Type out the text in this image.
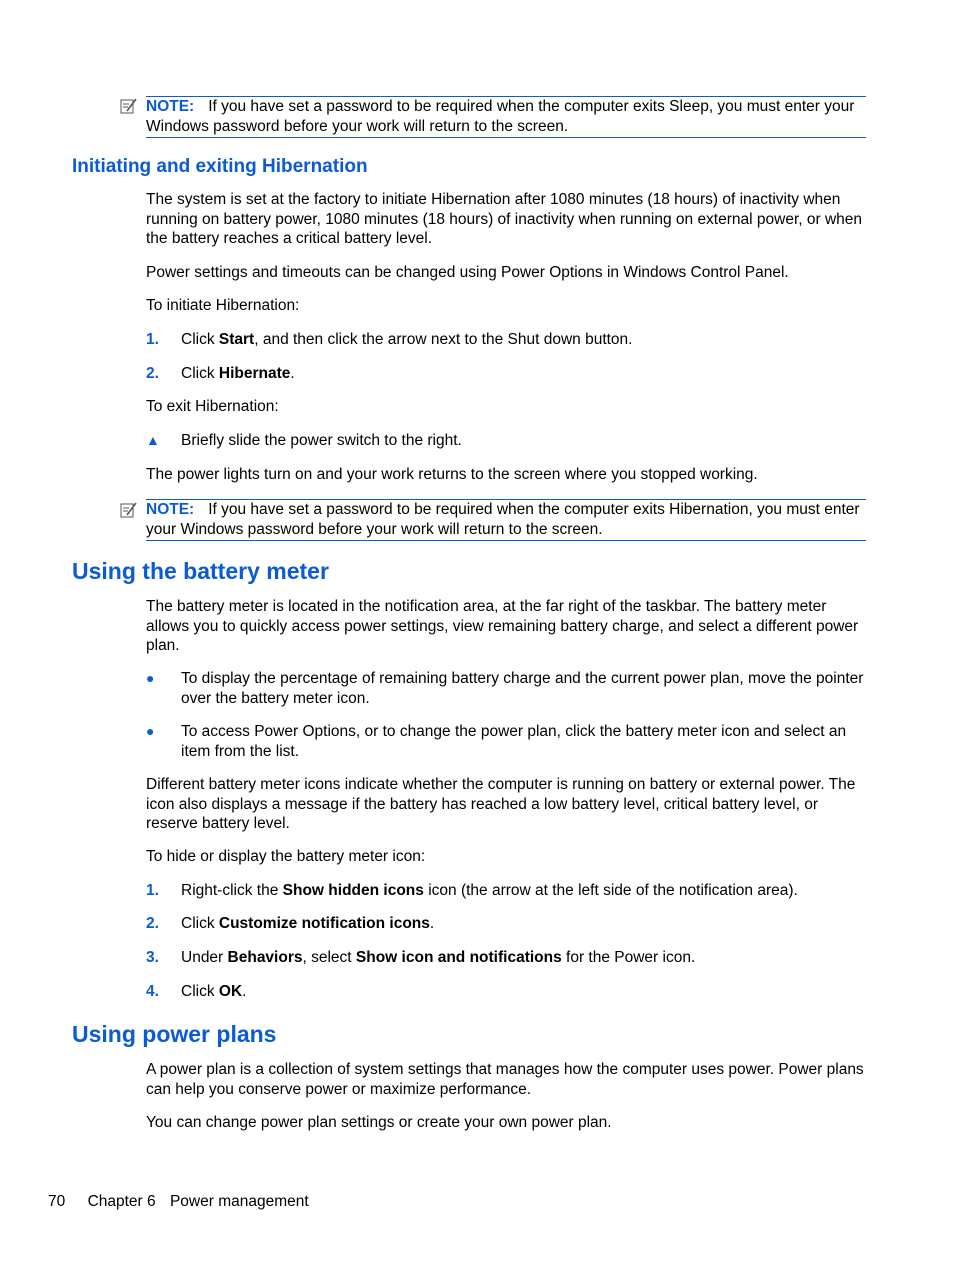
NOTE: If you have set a password to be required when the computer exits Sleep, you must enter your Windows password before your work will return to the screen.
Initiating and exiting Hibernation

The system is set at the factory to initiate Hibernation after 1080 minutes (18 hours) of inactivity when running on battery power, 1080 minutes (18 hours) of inactivity when running on external power, or when the battery reaches a critical battery level.

Power settings and timeouts can be changed using Power Options in Windows Control Panel.

To initiate Hibernation:

1. Click Start, and then click the arrow next to the Shut down button.

2. Click Hibernate.

To exit Hibernation:

▲ Briefly slide the power switch to the right.

The power lights turn on and your work returns to the screen where you stopped working.

NOTE: If you have set a password to be required when the computer exits Hibernation, you must enter your Windows password before your work will return to the screen.
Using the battery meter

The battery meter is located in the notification area, at the far right of the taskbar. The battery meter allows you to quickly access power settings, view remaining battery charge, and select a different power plan.

● To display the percentage of remaining battery charge and the current power plan, move the pointer over the battery meter icon.

● To access Power Options, or to change the power plan, click the battery meter icon and select an item from the list.

Different battery meter icons indicate whether the computer is running on battery or external power. The icon also displays a message if the battery has reached a low battery level, critical battery level, or reserve battery level.

To hide or display the battery meter icon:

1. Right-click the Show hidden icons icon (the arrow at the left side of the notification area).

2. Click Customize notification icons.

3. Under Behaviors, select Show icon and notifications for the Power icon.

4. Click OK.

Using power plans

A power plan is a collection of system settings that manages how the computer uses power. Power plans can help you conserve power or maximize performance.

You can change power plan settings or create your own power plan.

70 Chapter 6 Power management
